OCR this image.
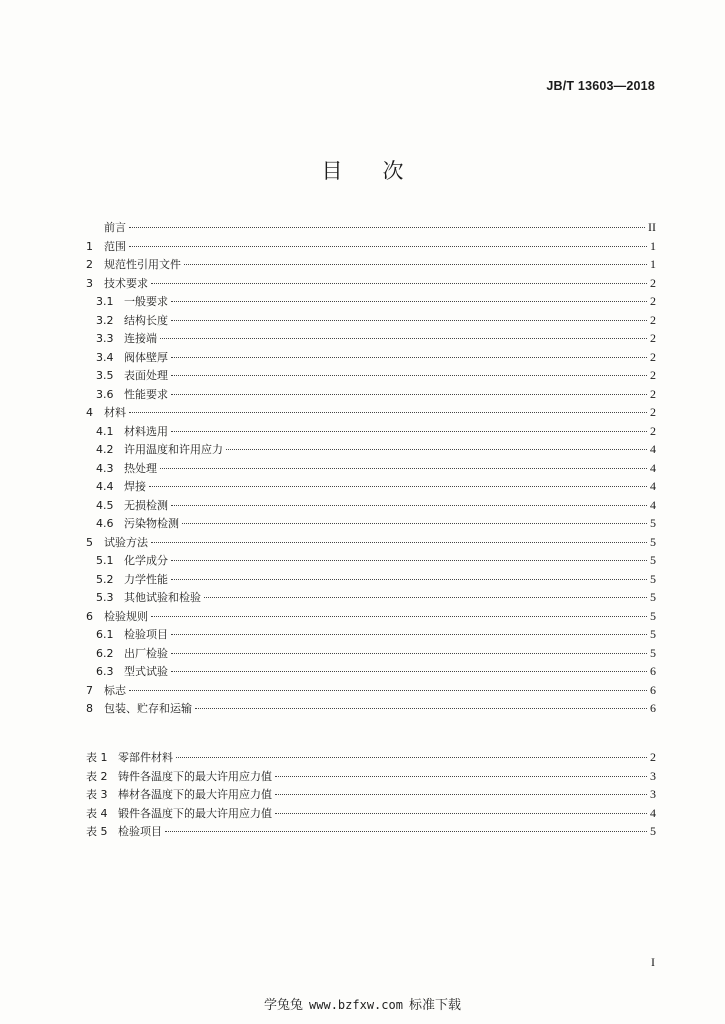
JB/T 13603—2018
目 次
前言	II
1	范围	1
2	规范性引用文件	1
3	技术要求	2
3.1 一般要求	2
3.2 结构长度	2
3.3 连接端	2
3.4 阀体壁厚	2
3.5 表面处理	2
3.6 性能要求	2
4	材料	2
4.1 材料选用	2
4.2 许用温度和许用应力	4
4.3 热处理	4
4.4 焊接	4
4.5 无损检测	4
4.6 污染物检测	5
5	试验方法	5
5.1 化学成分	5
5.2 力学性能	5
5.3 其他试验和检验	5
6	检验规则	5
6.1 检验项目	5
6.2 出厂检验	5
6.3 型式试验	6
7	标志	6
8	包装、贮存和运输	6
表 1 零部件材料	2
表 2 铸件各温度下的最大许用应力值	3
表 3 棒材各温度下的最大许用应力值	3
表 4 锻件各温度下的最大许用应力值	4
表 5 检验项目	5
I
学兔兔 www.bzfxw.com 标准下载
